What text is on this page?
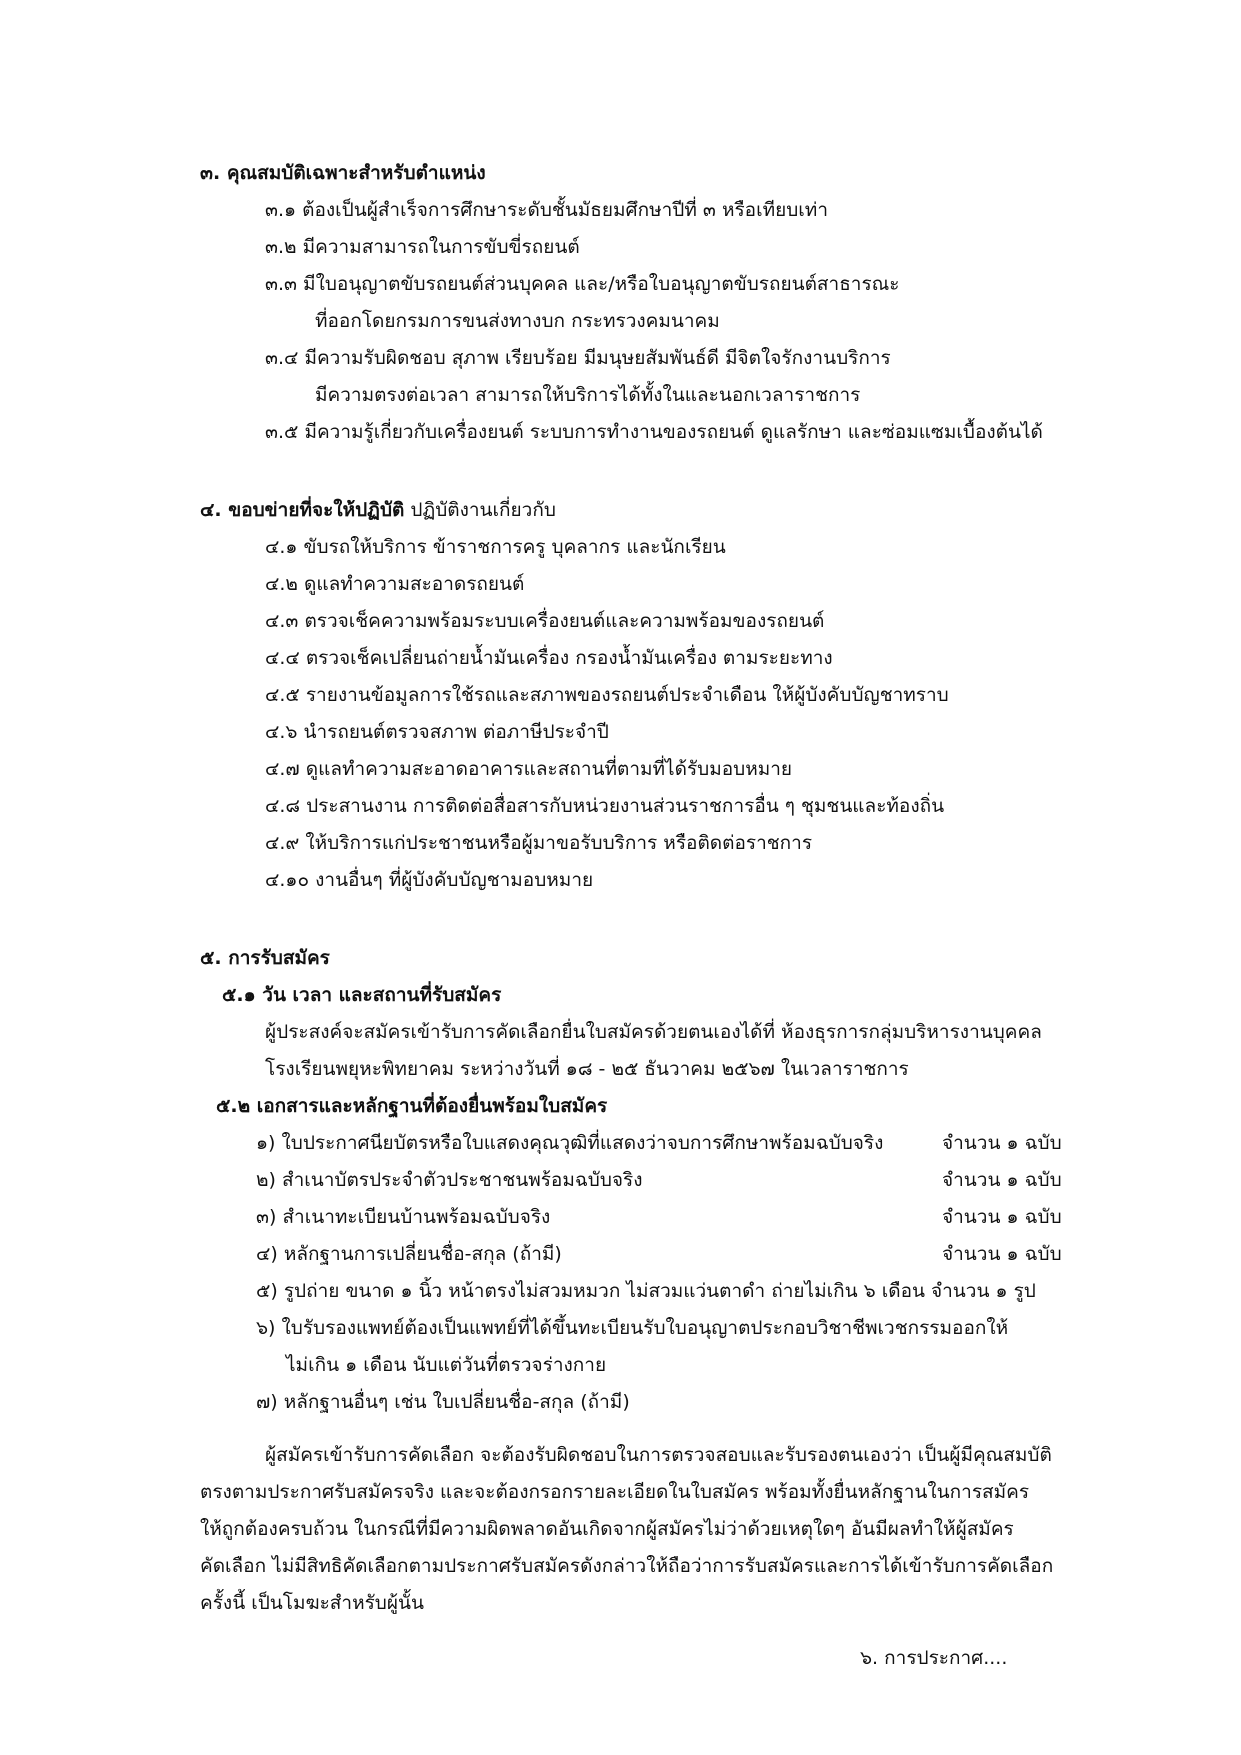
๓. คุณสมบัติเฉพาะสำหรับตำแหน่ง
๓.๑ ต้องเป็นผู้สำเร็จการศึกษาระดับชั้นมัธยมศึกษาปีที่ ๓ หรือเทียบเท่า
๓.๒ มีความสามารถในการขับขี่รถยนต์
๓.๓ มีใบอนุญาตขับรถยนต์ส่วนบุคคล และ/หรือใบอนุญาตขับรถยนต์สาธารณะ
ที่ออกโดยกรมการขนส่งทางบก กระทรวงคมนาคม
๓.๔ มีความรับผิดชอบ สุภาพ เรียบร้อย มีมนุษยสัมพันธ์ดี มีจิตใจรักงานบริการ
มีความตรงต่อเวลา สามารถให้บริการได้ทั้งในและนอกเวลาราชการ
๓.๕ มีความรู้เกี่ยวกับเครื่องยนต์ ระบบการทำงานของรถยนต์ ดูแลรักษา และซ่อมแซมเบื้องต้นได้
๔. ขอบข่ายที่จะให้ปฏิบัติ ปฏิบัติงานเกี่ยวกับ
๔.๑ ขับรถให้บริการ ข้าราชการครู บุคลากร และนักเรียน
๔.๒ ดูแลทำความสะอาดรถยนต์
๔.๓ ตรวจเช็คความพร้อมระบบเครื่องยนต์และความพร้อมของรถยนต์
๔.๔ ตรวจเช็คเปลี่ยนถ่ายน้ำมันเครื่อง กรองน้ำมันเครื่อง ตามระยะทาง
๔.๕ รายงานข้อมูลการใช้รถและสภาพของรถยนต์ประจำเดือน ให้ผู้บังคับบัญชาทราบ
๔.๖ นำรถยนต์ตรวจสภาพ ต่อภาษีประจำปี
๔.๗ ดูแลทำความสะอาดอาคารและสถานที่ตามที่ได้รับมอบหมาย
๔.๘ ประสานงาน การติดต่อสื่อสารกับหน่วยงานส่วนราชการอื่น ๆ ชุมชนและท้องถิ่น
๔.๙ ให้บริการแก่ประชาชนหรือผู้มาขอรับบริการ หรือติดต่อราชการ
๔.๑๐ งานอื่นๆ ที่ผู้บังคับบัญชามอบหมาย
๕. การรับสมัคร
๕.๑ วัน เวลา และสถานที่รับสมัคร
ผู้ประสงค์จะสมัครเข้ารับการคัดเลือกยื่นใบสมัครด้วยตนเองได้ที่ ห้องธุรการกลุ่มบริหารงานบุคคล
โรงเรียนพยุหะพิทยาคม ระหว่างวันที่ ๑๘ - ๒๕ ธันวาคม ๒๕๖๗ ในเวลาราชการ
๕.๒ เอกสารและหลักฐานที่ต้องยื่นพร้อมใบสมัคร
๑) ใบประกาศนียบัตรหรือใบแสดงคุณวุฒิที่แสดงว่าจบการศึกษาพร้อมฉบับจริง	จำนวน ๑ ฉบับ
๒) สำเนาบัตรประจำตัวประชาชนพร้อมฉบับจริง	จำนวน ๑ ฉบับ
๓) สำเนาทะเบียนบ้านพร้อมฉบับจริง	จำนวน ๑ ฉบับ
๔) หลักฐานการเปลี่ยนชื่อ-สกุล (ถ้ามี)	จำนวน ๑ ฉบับ
๕) รูปถ่าย ขนาด ๑ นิ้ว หน้าตรงไม่สวมหมวก ไม่สวมแว่นตาดำ ถ่ายไม่เกิน ๖ เดือน จำนวน ๑ รูป
๖) ใบรับรองแพทย์ต้องเป็นแพทย์ที่ได้ขึ้นทะเบียนรับใบอนุญาตประกอบวิชาชีพเวชกรรมออกให้
ไม่เกิน ๑ เดือน นับแต่วันที่ตรวจร่างกาย
๗) หลักฐานอื่นๆ เช่น ใบเปลี่ยนชื่อ-สกุล (ถ้ามี)
ผู้สมัครเข้ารับการคัดเลือก จะต้องรับผิดชอบในการตรวจสอบและรับรองตนเองว่า เป็นผู้มีคุณสมบัติ
ตรงตามประกาศรับสมัครจริง และจะต้องกรอกรายละเอียดในใบสมัคร พร้อมทั้งยื่นหลักฐานในการสมัคร
ให้ถูกต้องครบถ้วน ในกรณีที่มีความผิดพลาดอันเกิดจากผู้สมัครไม่ว่าด้วยเหตุใดๆ อันมีผลทำให้ผู้สมัคร
คัดเลือก ไม่มีสิทธิคัดเลือกตามประกาศรับสมัครดังกล่าวให้ถือว่าการรับสมัครและการได้เข้ารับการคัดเลือก
ครั้งนี้ เป็นโมฆะสำหรับผู้นั้น
๖. การประกาศ....
